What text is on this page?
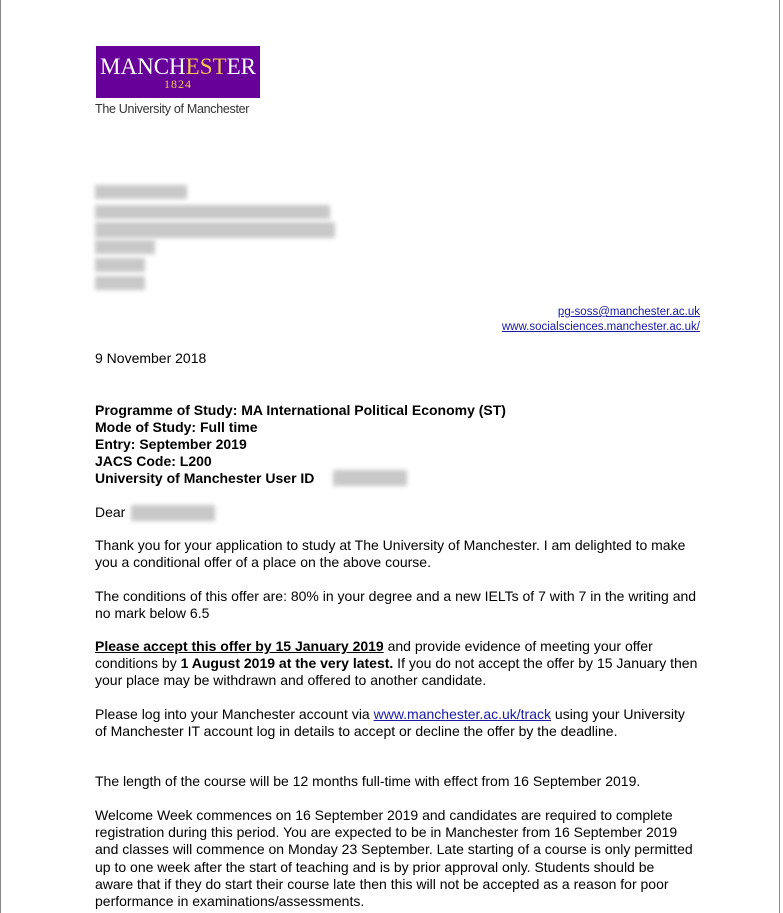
MANCHESTER
1824
The University of Manchester
pg-soss@manchester.ac.uk
www.socialsciences.manchester.ac.uk/
9 November 2018
Programme of Study: MA International Political Economy (ST)
Mode of Study: Full time
Entry: September 2019
JACS Code: L200
University of Manchester User ID
Dear
Thank you for your application to study at The University of Manchester. I am delighted to make you a conditional offer of a place on the above course.
The conditions of this offer are: 80% in your degree and a new IELTs of 7 with 7 in the writing and no mark below 6.5
Please accept this offer by 15 January 2019 and provide evidence of meeting your offer conditions by 1 August 2019 at the very latest. If you do not accept the offer by 15 January then your place may be withdrawn and offered to another candidate.
Please log into your Manchester account via www.manchester.ac.uk/track using your University of Manchester IT account log in details to accept or decline the offer by the deadline.
The length of the course will be 12 months full-time with effect from 16 September 2019.
Welcome Week commences on 16 September 2019 and candidates are required to complete registration during this period. You are expected to be in Manchester from 16 September 2019 and classes will commence on Monday 23 September. Late starting of a course is only permitted up to one week after the start of teaching and is by prior approval only. Students should be aware that if they do start their course late then this will not be accepted as a reason for poor performance in examinations/assessments.
